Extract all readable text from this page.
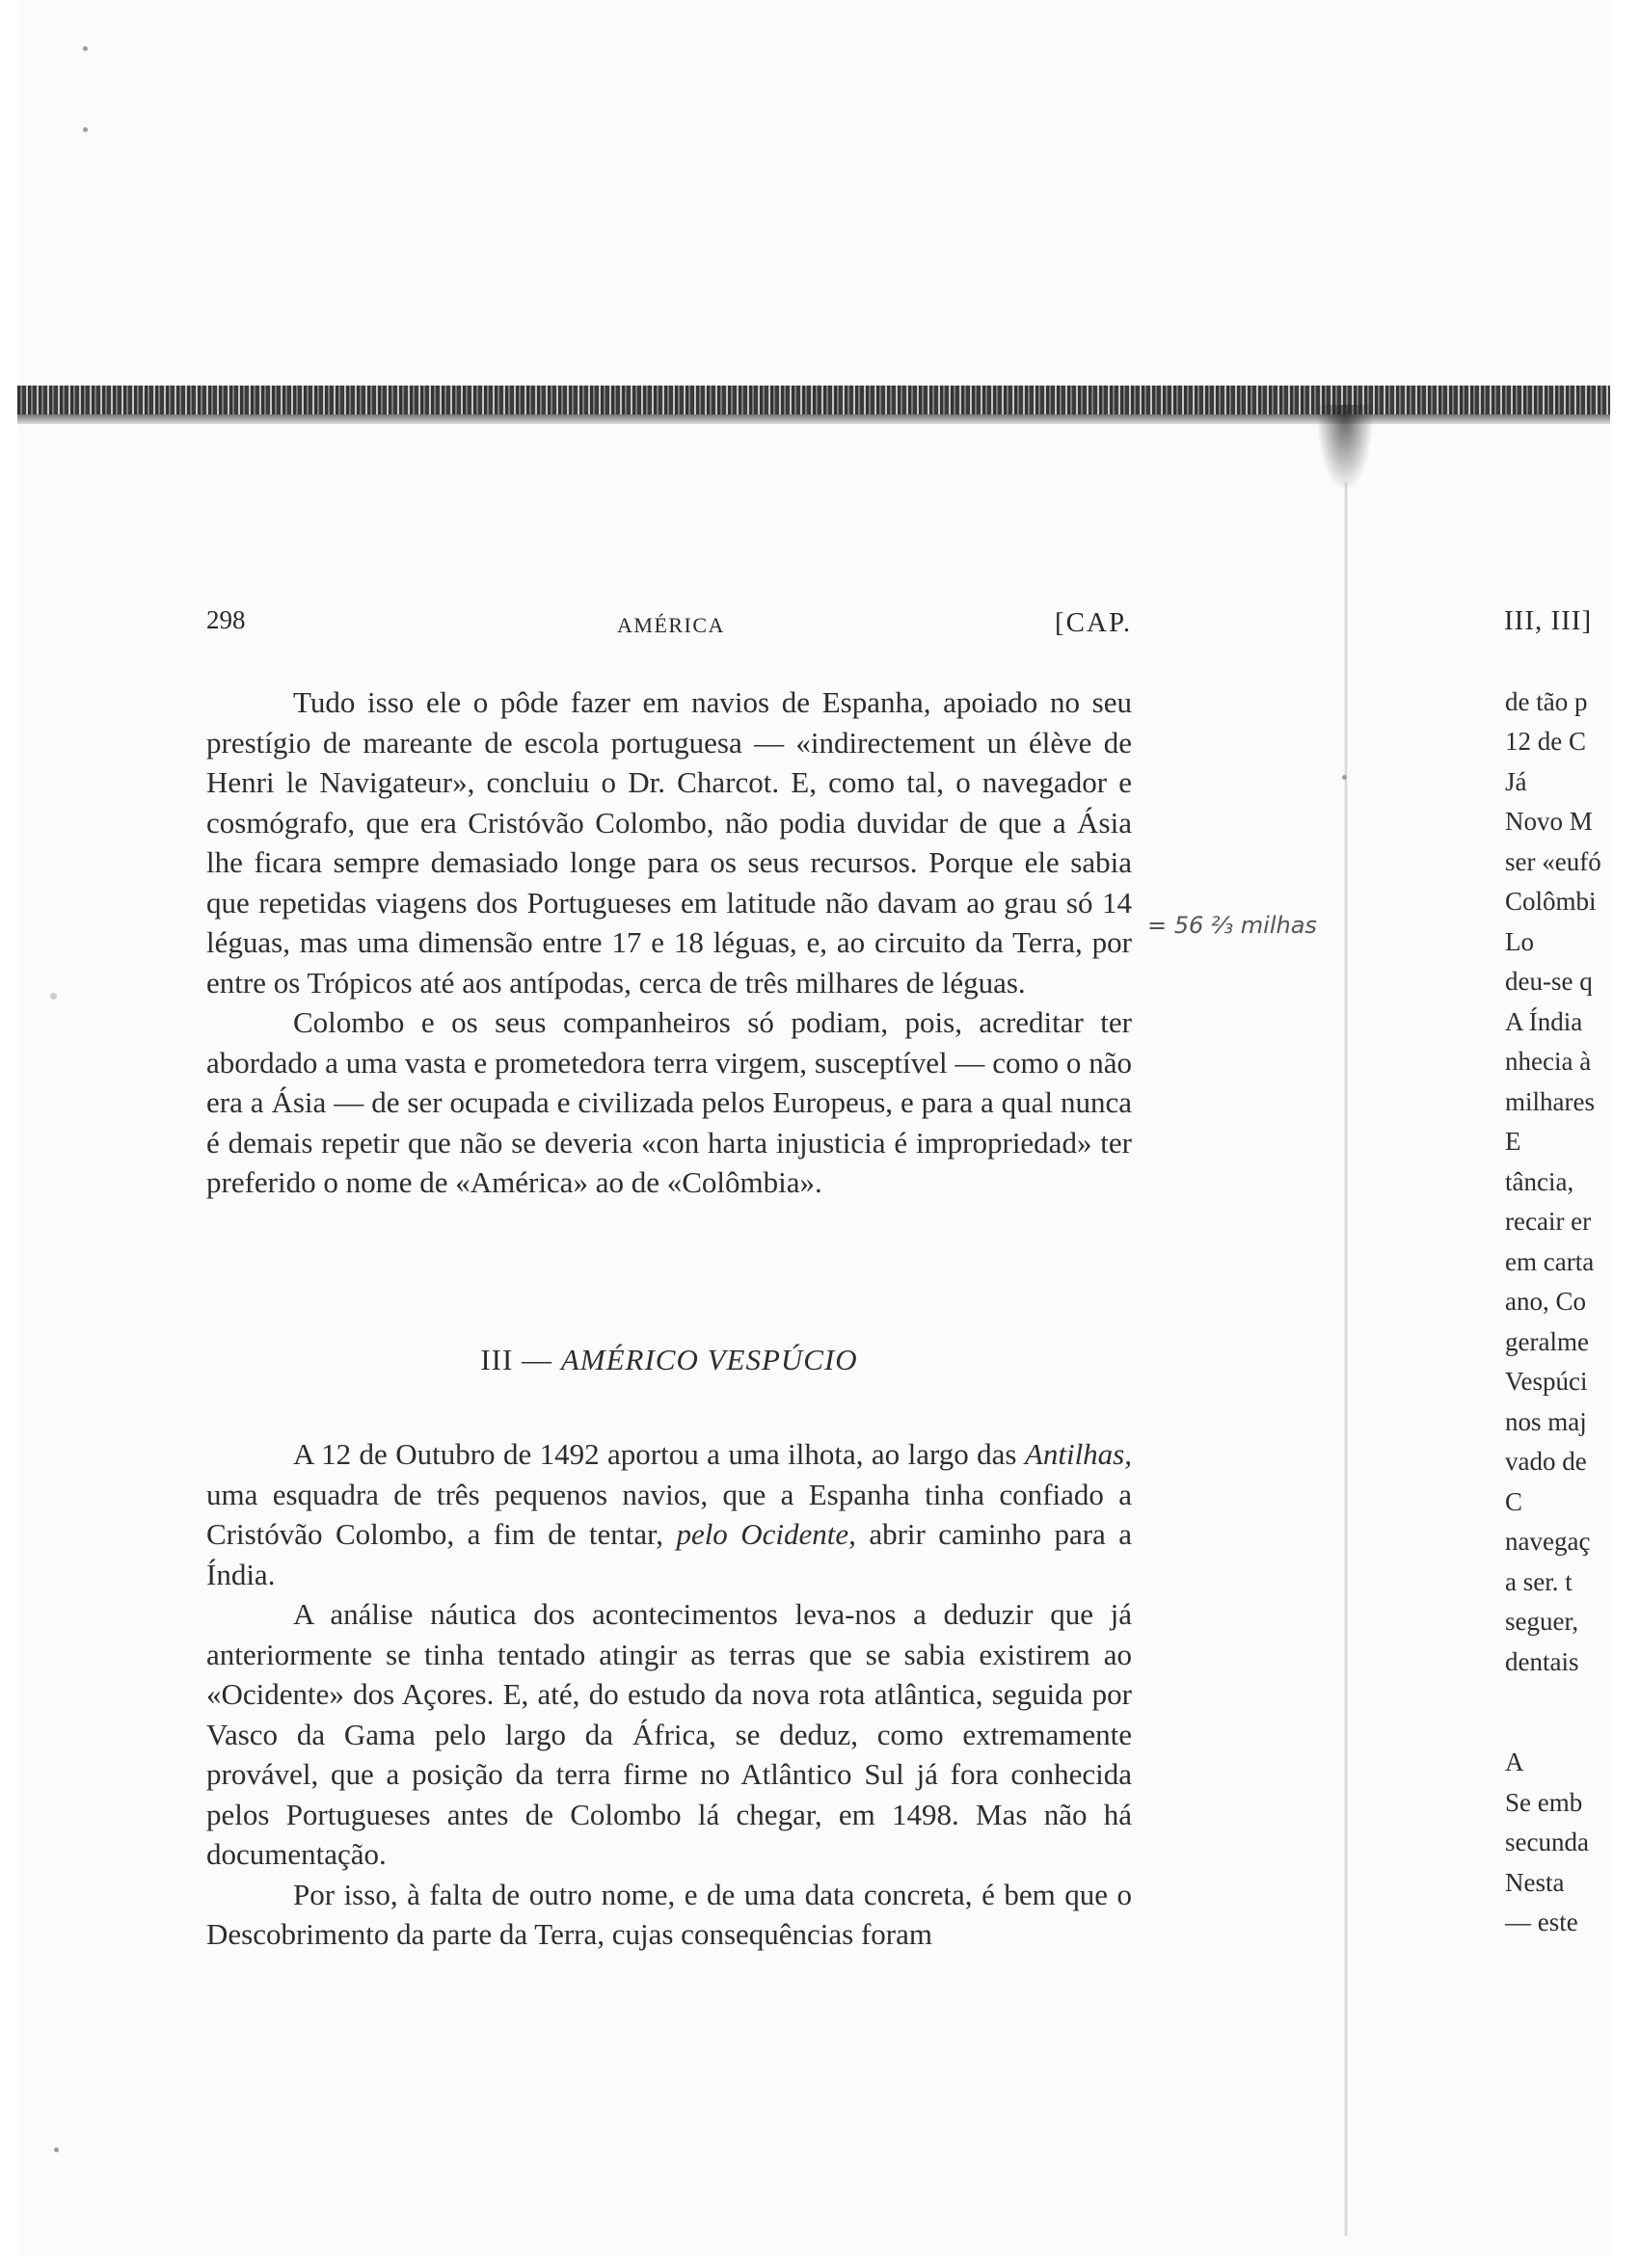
298	AMÉRICA	[CAP.	III, III]

Tudo isso ele o pôde fazer em navios de Espanha, apoiado no seu prestígio de mareante de escola portuguesa — «indirectement un élève de Henri le Navigateur», concluiu o Dr. Charcot. E, como tal, o navegador e cosmógrafo, que era Cristóvão Colombo, não podia duvidar de que a Ásia lhe ficara sempre demasiado longe para os seus recursos. Porque ele sabia que repetidas viagens dos Portugueses em latitude não davam ao grau só 14 léguas, mas uma dimensão entre 17 e 18 léguas, e, ao circuito da Terra, por entre os Trópicos até aos antípodas, cerca de três milhares de léguas.

Colombo e os seus companheiros só podiam, pois, acreditar ter abordado a uma vasta e prometedora terra virgem, susceptível — como o não era a Ásia — de ser ocupada e civilizada pelos Europeus, e para a qual nunca é demais repetir que não se deveria «con harta injusticia é impropriedad» ter preferido o nome de «América» ao de «Colômbia».

III — AMÉRICO VESPÚCIO

A 12 de Outubro de 1492 aportou a uma ilhota, ao largo das Antilhas, uma esquadra de três pequenos navios, que a Espanha tinha confiado a Cristóvão Colombo, a fim de tentar, pelo Ocidente, abrir caminho para a Índia.

A análise náutica dos acontecimentos leva-nos a deduzir que já anteriormente se tinha tentado atingir as terras que se sabia existirem ao «Ocidente» dos Açores. E, até, do estudo da nova rota atlântica, seguida por Vasco da Gama pelo largo da África, se deduz, como extremamente provável, que a posição da terra firme no Atlântico Sul já fora conhecida pelos Portugueses antes de Colombo lá chegar, em 1498. Mas não há documentação.

Por isso, à falta de outro nome, e de uma data concreta, é bem que o Descobrimento da parte da Terra, cujas consequências foram

= 56 ⅔ milhas
de tão p
12 de C
Já
Novo M
ser «eufó
Colômbi
Lo
deu-se q
A Índia
nhecia à
milhares
E
tância,
recair er
em carta
ano, Co
geralme
Vespúci
nos maj
vado de
C
navegaç
a ser. t
seguer,
dentais
A
Se emb
secunda
Nesta
— este
